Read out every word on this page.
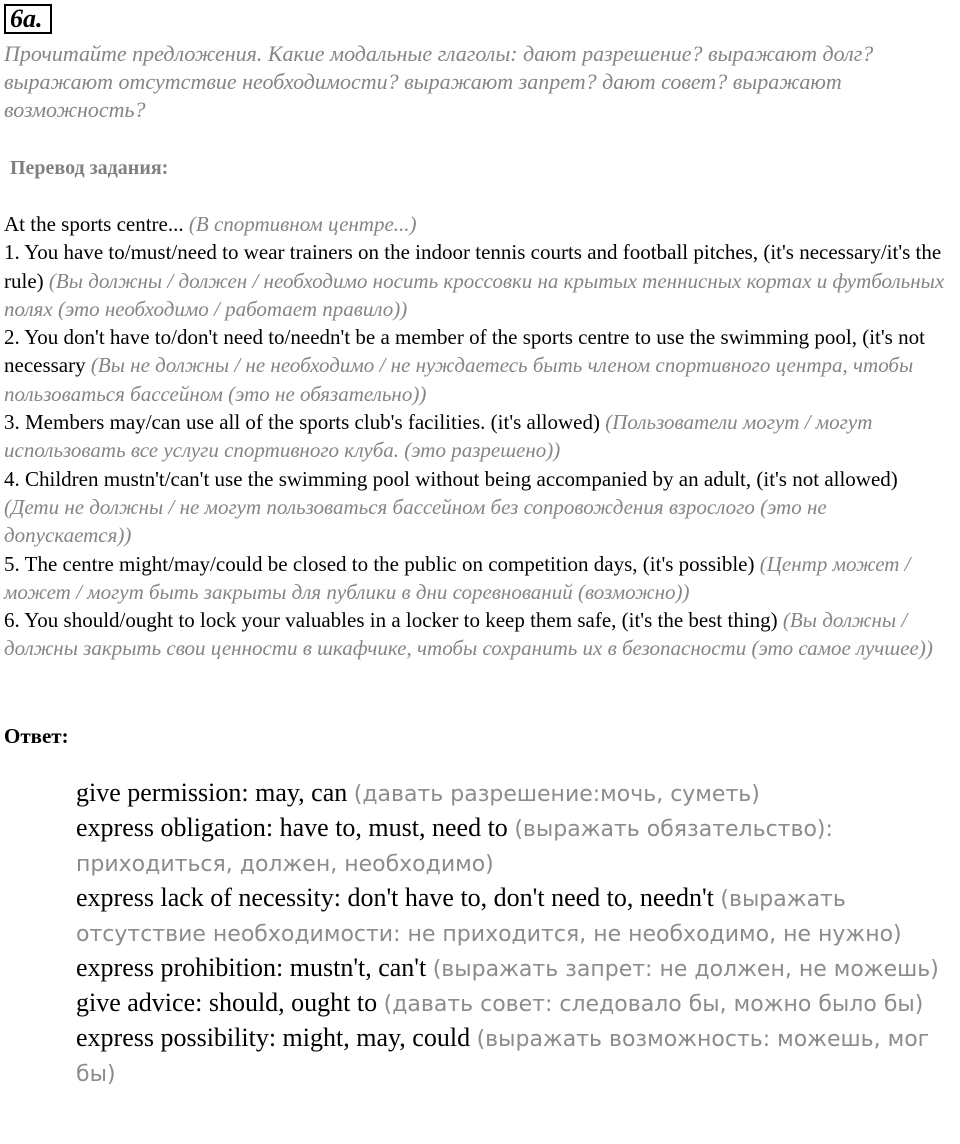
6a.
Прочитайте предложения. Какие модальные глаголы: дают разрешение? выражают долг? выражают отсутствие необходимости? выражают запрет? дают совет? выражают возможность?
Перевод задания:

At the sports centre... (В спортивном центре...)

1. You have to/must/need to wear trainers on the indoor tennis courts and football pitches, (it's necessary/it's the rule) (Вы должны / должен / необходимо носить кроссовки на крытых теннисных кортах и футбольных полях (это необходимо / работает правило))

2. You don't have to/don't need to/needn't be a member of the sports centre to use the swimming pool, (it's not necessary (Вы не должны / не необходимо / не нуждаетесь быть членом спортивного центра, чтобы пользоваться бассейном (это не обязательно))

3. Members may/can use all of the sports club's facilities. (it's allowed) (Пользователи могут / могут использовать все услуги спортивного клуба. (это разрешено))

4. Children mustn't/can't use the swimming pool without being accompanied by an adult, (it's not allowed) (Дети не должны / не могут пользоваться бассейном без сопровождения взрослого (это не допускается))

5. The centre might/may/could be closed to the public on competition days, (it's possible) (Центр может / может / могут быть закрыты для публики в дни соревнований (возможно))

6. You should/ought to lock your valuables in a locker to keep them safe, (it's the best thing) (Вы должны / должны закрыть свои ценности в шкафчике, чтобы сохранить их в безопасности (это самое лучшее))

Ответ:

give permission: may, can (давать разрешение:мочь, суметь)

express obligation: have to, must, need to (выражать обязательство): приходиться, должен, необходимо)

express lack of necessity: don't have to, don't need to, needn't (выражать отсутствие необходимости: не приходится, не необходимо, не нужно)

express prohibition: mustn't, can't (выражать запрет: не должен, не можешь)

give advice: should, ought to (давать совет: следовало бы, можно было бы)

express possibility: might, may, could (выражать возможность: можешь, мог бы)
